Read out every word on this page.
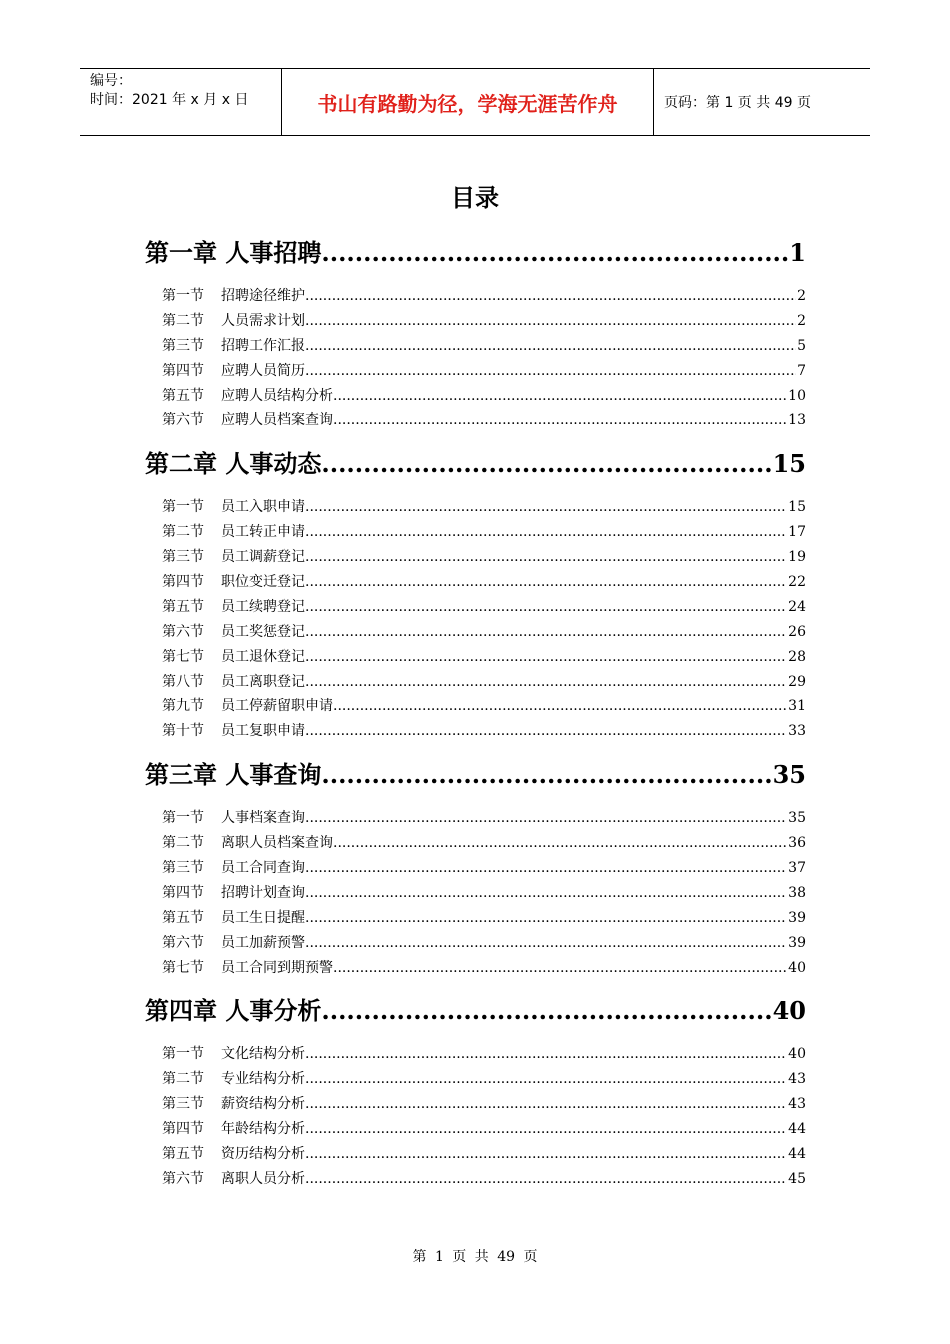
编号：
时间：2021 年 x 月 x 日	书山有路勤为径，学海无涯苦作舟	页码：第 1 页 共 49 页
目录
第一章 人事招聘 .....	1
第一节	招聘途径维护 .....	2
第二节	人员需求计划 .....	2
第三节	招聘工作汇报 .....	5
第四节	应聘人员简历 .....	7
第五节	应聘人员结构分析 .....	10
第六节	应聘人员档案查询 .....	13
第二章 人事动态 .....	15
第一节	员工入职申请 .....	15
第二节	员工转正申请 .....	17
第三节	员工调薪登记 .....	19
第四节	职位变迁登记 .....	22
第五节	员工续聘登记 .....	24
第六节	员工奖惩登记 .....	26
第七节	员工退休登记 .....	28
第八节	员工离职登记 .....	29
第九节	员工停薪留职申请 .....	31
第十节	员工复职申请 .....	33
第三章 人事查询 .....	35
第一节	人事档案查询 .....	35
第二节	离职人员档案查询 .....	36
第三节	员工合同查询 .....	37
第四节	招聘计划查询 .....	38
第五节	员工生日提醒 .....	39
第六节	员工加薪预警 .....	39
第七节	员工合同到期预警 .....	40
第四章 人事分析 .....	40
第一节	文化结构分析 .....	40
第二节	专业结构分析 .....	43
第三节	薪资结构分析 .....	43
第四节	年龄结构分析 .....	44
第五节	资历结构分析 .....	44
第六节	离职人员分析 .....	45
第 1 页 共 49 页
